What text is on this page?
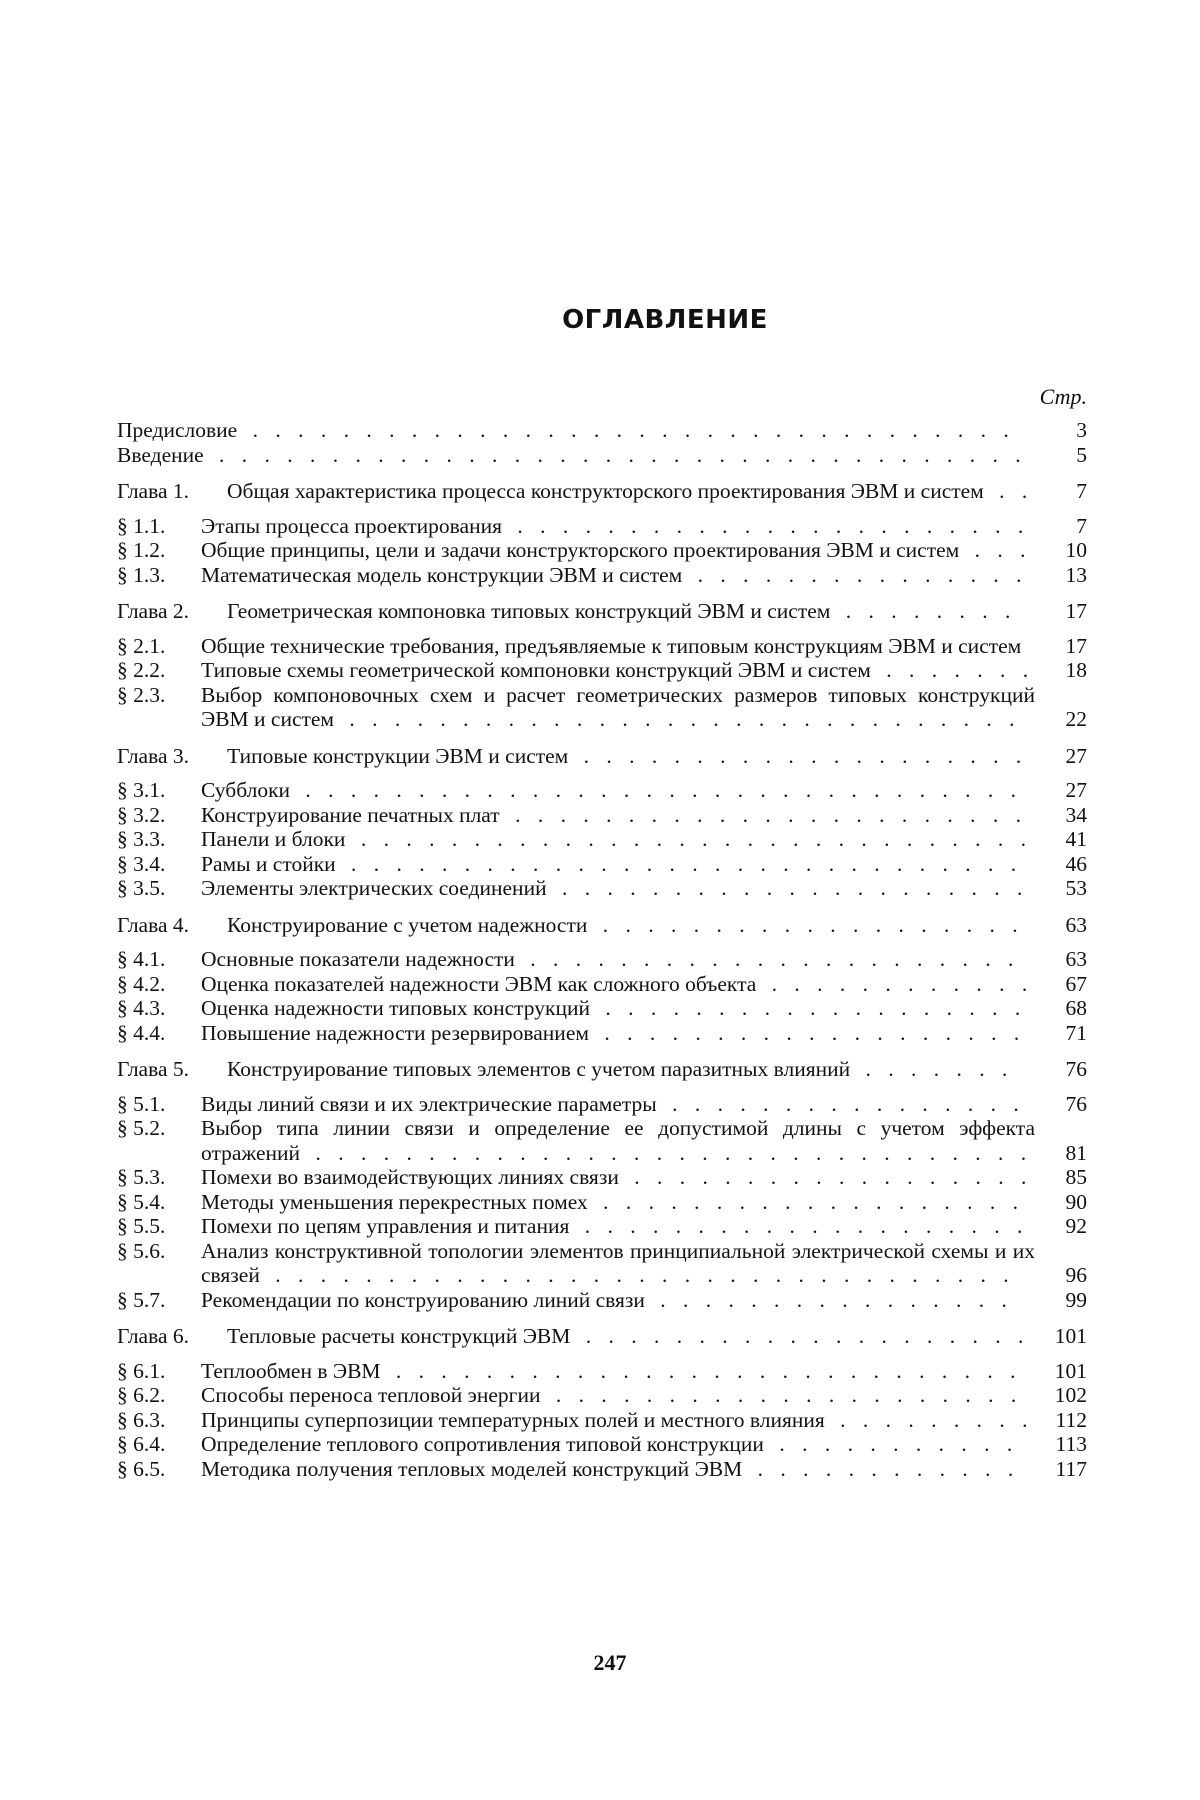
ОГЛАВЛЕНИЕ
Стр.
Предисловие . . . . . . . . . . . . . . . . . . . . . . . . . . . . . . . . . .	3
Введение . . . . . . . . . . . . . . . . . . . . . . . . . . . . . . . . . . . .	5
Глава 1.	Общая характеристика процесса конструкторского проектирования ЭВМ и систем . .	7
§ 1.1.	Этапы процесса проектирования . . . . . . . . . . . . . . . . . . . . . . .	7
§ 1.2.	Общие принципы, цели и задачи конструкторского проектирования ЭВМ и систем . . .	10
§ 1.3.	Математическая модель конструкции ЭВМ и систем . . . . . . . . . . . . . . .	13
Глава 2.	Геометрическая компоновка типовых конструкций ЭВМ и систем . . . . . . . .	17
§ 2.1.	Общие технические требования, предъявляемые к типовым конструкциям ЭВМ и систем	17
§ 2.2.	Типовые схемы геометрической компоновки конструкций ЭВМ и систем . . . . . . .	18
§ 2.3.	Выбор компоновочных схем и расчет геометрических размеров типовых конструкций ЭВМ и систем . . . . . . . . . . . . . . . . . . . . . . . . . . . . . .	22
Глава 3.	Типовые конструкции ЭВМ и систем . . . . . . . . . . . . . . . . . . . .	27
§ 3.1.	Субблоки . . . . . . . . . . . . . . . . . . . . . . . . . . . . . . . .	27
§ 3.2.	Конструирование печатных плат . . . . . . . . . . . . . . . . . . . . . . .	34
§ 3.3.	Панели и блоки . . . . . . . . . . . . . . . . . . . . . . . . . . . . . .	41
§ 3.4.	Рамы и стойки . . . . . . . . . . . . . . . . . . . . . . . . . . . . . .	46
§ 3.5.	Элементы электрических соединений . . . . . . . . . . . . . . . . . . . . .	53
Глава 4.	Конструирование с учетом надежности . . . . . . . . . . . . . . . . . . .	63
§ 4.1.	Основные показатели надежности . . . . . . . . . . . . . . . . . . . . . .	63
§ 4.2.	Оценка показателей надежности ЭВМ как сложного объекта . . . . . . . . . . . .	67
§ 4.3.	Оценка надежности типовых конструкций . . . . . . . . . . . . . . . . . . .	68
§ 4.4.	Повышение надежности резервированием . . . . . . . . . . . . . . . . . . .	71
Глава 5.	Конструирование типовых элементов с учетом паразитных влияний . . . . . . .	76
§ 5.1.	Виды линий связи и их электрические параметры . . . . . . . . . . . . . . . .	76
§ 5.2.	Выбор типа линии связи и определение ее допустимой длины с учетом эффекта отражений . . . . . . . . . . . . . . . . . . . . . . . . . . . . . . . .	81
§ 5.3.	Помехи во взаимодействующих линиях связи . . . . . . . . . . . . . . . . . .	85
§ 5.4.	Методы уменьшения перекрестных помех . . . . . . . . . . . . . . . . . . .	90
§ 5.5.	Помехи по цепям управления и питания . . . . . . . . . . . . . . . . . . . .	92
§ 5.6.	Анализ конструктивной топологии элементов принципиальной электрической схемы и их связей . . . . . . . . . . . . . . . . . . . . . . . . . . . . . . . . .	96
§ 5.7.	Рекомендации по конструированию линий связи . . . . . . . . . . . . . . . .	99
Глава 6.	Тепловые расчеты конструкций ЭВМ . . . . . . . . . . . . . . . . . . . .	101
§ 6.1.	Теплообмен в ЭВМ . . . . . . . . . . . . . . . . . . . . . . . . . . . .	101
§ 6.2.	Способы переноса тепловой энергии . . . . . . . . . . . . . . . . . . . . .	102
§ 6.3.	Принципы суперпозиции температурных полей и местного влияния . . . . . . . . .	112
§ 6.4.	Определение теплового сопротивления типовой конструкции . . . . . . . . . . .	113
§ 6.5.	Методика получения тепловых моделей конструкций ЭВМ . . . . . . . . . . . .	117
247
